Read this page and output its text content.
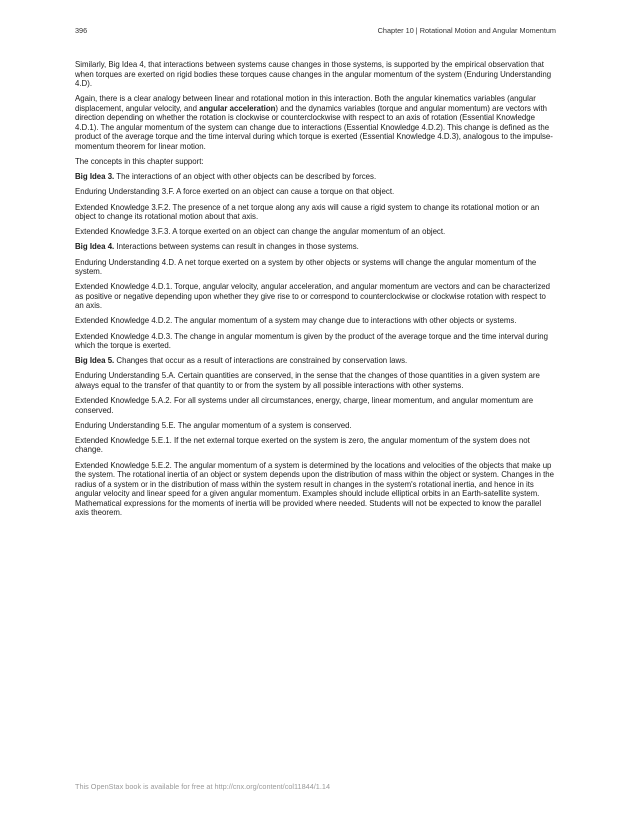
396	Chapter 10 | Rotational Motion and Angular Momentum

Similarly, Big Idea 4, that interactions between systems cause changes in those systems, is supported by the empirical observation that when torques are exerted on rigid bodies these torques cause changes in the angular momentum of the system (Enduring Understanding 4.D).

Again, there is a clear analogy between linear and rotational motion in this interaction. Both the angular kinematics variables (angular displacement, angular velocity, and angular acceleration) and the dynamics variables (torque and angular momentum) are vectors with direction depending on whether the rotation is clockwise or counterclockwise with respect to an axis of rotation (Essential Knowledge 4.D.1). The angular momentum of the system can change due to interactions (Essential Knowledge 4.D.2). This change is defined as the product of the average torque and the time interval during which torque is exerted (Essential Knowledge 4.D.3), analogous to the impulse-momentum theorem for linear motion.

The concepts in this chapter support:

Big Idea 3. The interactions of an object with other objects can be described by forces.

Enduring Understanding 3.F. A force exerted on an object can cause a torque on that object.

Extended Knowledge 3.F.2. The presence of a net torque along any axis will cause a rigid system to change its rotational motion or an object to change its rotational motion about that axis.

Extended Knowledge 3.F.3. A torque exerted on an object can change the angular momentum of an object.

Big Idea 4. Interactions between systems can result in changes in those systems.

Enduring Understanding 4.D. A net torque exerted on a system by other objects or systems will change the angular momentum of the system.

Extended Knowledge 4.D.1. Torque, angular velocity, angular acceleration, and angular momentum are vectors and can be characterized as positive or negative depending upon whether they give rise to or correspond to counterclockwise or clockwise rotation with respect to an axis.

Extended Knowledge 4.D.2. The angular momentum of a system may change due to interactions with other objects or systems.

Extended Knowledge 4.D.3. The change in angular momentum is given by the product of the average torque and the time interval during which the torque is exerted.

Big Idea 5. Changes that occur as a result of interactions are constrained by conservation laws.

Enduring Understanding 5.A. Certain quantities are conserved, in the sense that the changes of those quantities in a given system are always equal to the transfer of that quantity to or from the system by all possible interactions with other systems.

Extended Knowledge 5.A.2. For all systems under all circumstances, energy, charge, linear momentum, and angular momentum are conserved.

Enduring Understanding 5.E. The angular momentum of a system is conserved.

Extended Knowledge 5.E.1. If the net external torque exerted on the system is zero, the angular momentum of the system does not change.

Extended Knowledge 5.E.2. The angular momentum of a system is determined by the locations and velocities of the objects that make up the system. The rotational inertia of an object or system depends upon the distribution of mass within the object or system. Changes in the radius of a system or in the distribution of mass within the system result in changes in the system's rotational inertia, and hence in its angular velocity and linear speed for a given angular momentum. Examples should include elliptical orbits in an Earth-satellite system. Mathematical expressions for the moments of inertia will be provided where needed. Students will not be expected to know the parallel axis theorem.

This OpenStax book is available for free at http://cnx.org/content/col11844/1.14
